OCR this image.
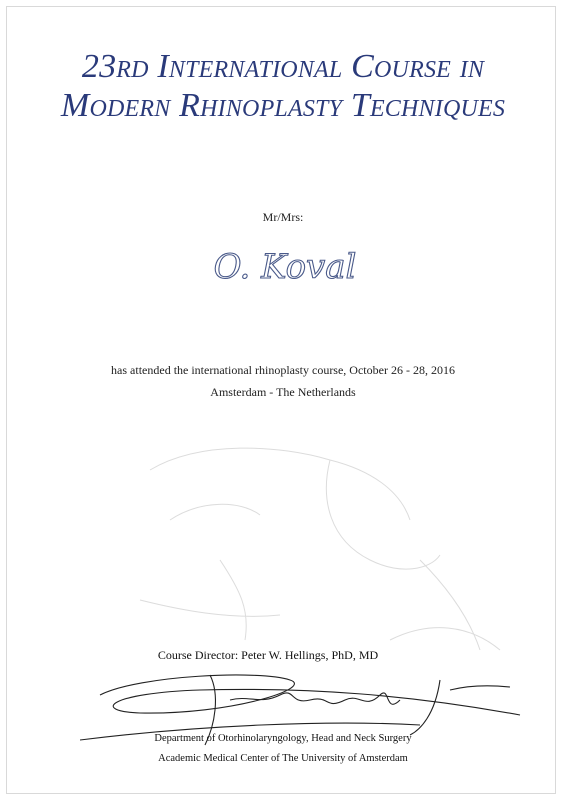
23rd International Course in
Modern Rhinoplasty Techniques
Mr/Mrs:
O. Koval
has attended the international rhinoplasty course, October 26 - 28, 2016
Amsterdam - The Netherlands
Course Director: Peter W. Hellings, PhD, MD
Department of Otorhinolaryngology, Head and Neck Surgery
Academic Medical Center of The University of Amsterdam
